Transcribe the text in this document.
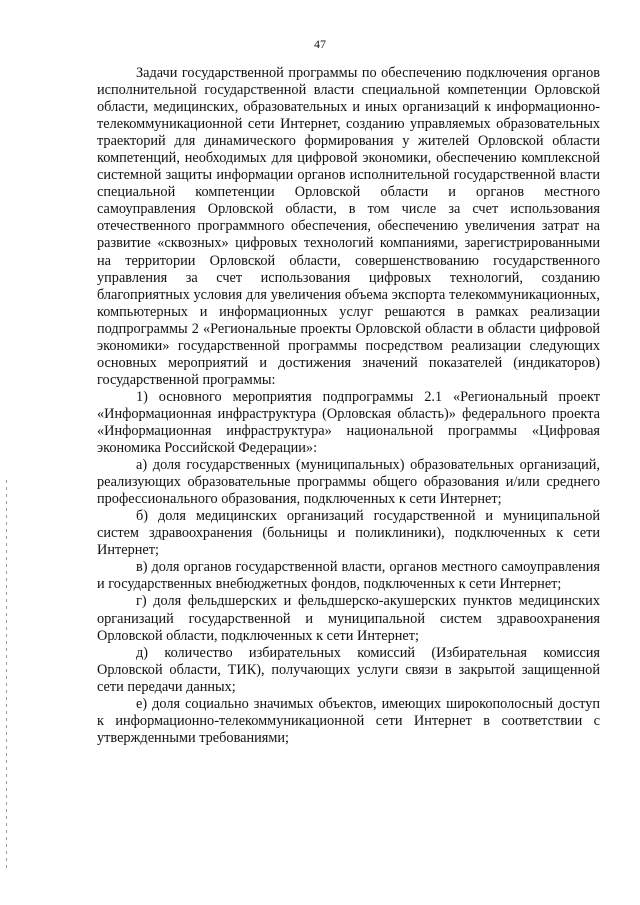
47

Задачи государственной программы по обеспечению подключения органов исполнительной государственной власти специальной компетенции Орловской области, медицинских, образовательных и иных организаций к информационно-телекоммуникационной сети Интернет, созданию управляемых образовательных траекторий для динамического формирования у жителей Орловской области компетенций, необходимых для цифровой экономики, обеспечению комплексной системной защиты информации органов исполнительной государственной власти специальной компетенции Орловской области и органов местного самоуправления Орловской области, в том числе за счет использования отечественного программного обеспечения, обеспечению увеличения затрат на развитие «сквозных» цифровых технологий компаниями, зарегистрированными на территории Орловской области, совершенствованию государственного управления за счет использования цифровых технологий, созданию благоприятных условия для увеличения объема экспорта телекоммуникационных, компьютерных и информационных услуг решаются в рамках реализации подпрограммы 2 «Региональные проекты Орловской области в области цифровой экономики» государственной программы посредством реализации следующих основных мероприятий и достижения значений показателей (индикаторов) государственной программы:

1) основного мероприятия подпрограммы 2.1 «Региональный проект «Информационная инфраструктура (Орловская область)» федерального проекта «Информационная инфраструктура» национальной программы «Цифровая экономика Российской Федерации»:

а) доля государственных (муниципальных) образовательных организаций, реализующих образовательные программы общего образования и/или среднего профессионального образования, подключенных к сети Интернет;

б) доля медицинских организаций государственной и муниципальной систем здравоохранения (больницы и поликлиники), подключенных к сети Интернет;

в) доля органов государственной власти, органов местного самоуправления и государственных внебюджетных фондов, подключенных к сети Интернет;

г) доля фельдшерских и фельдшерско-акушерских пунктов медицинских организаций государственной и муниципальной систем здравоохранения Орловской области, подключенных к сети Интернет;

д) количество избирательных комиссий (Избирательная комиссия Орловской области, ТИК), получающих услуги связи в закрытой защищенной сети передачи данных;

е) доля социально значимых объектов, имеющих широкополосный доступ к информационно-телекоммуникационной сети Интернет в соответствии с утвержденными требованиями;
